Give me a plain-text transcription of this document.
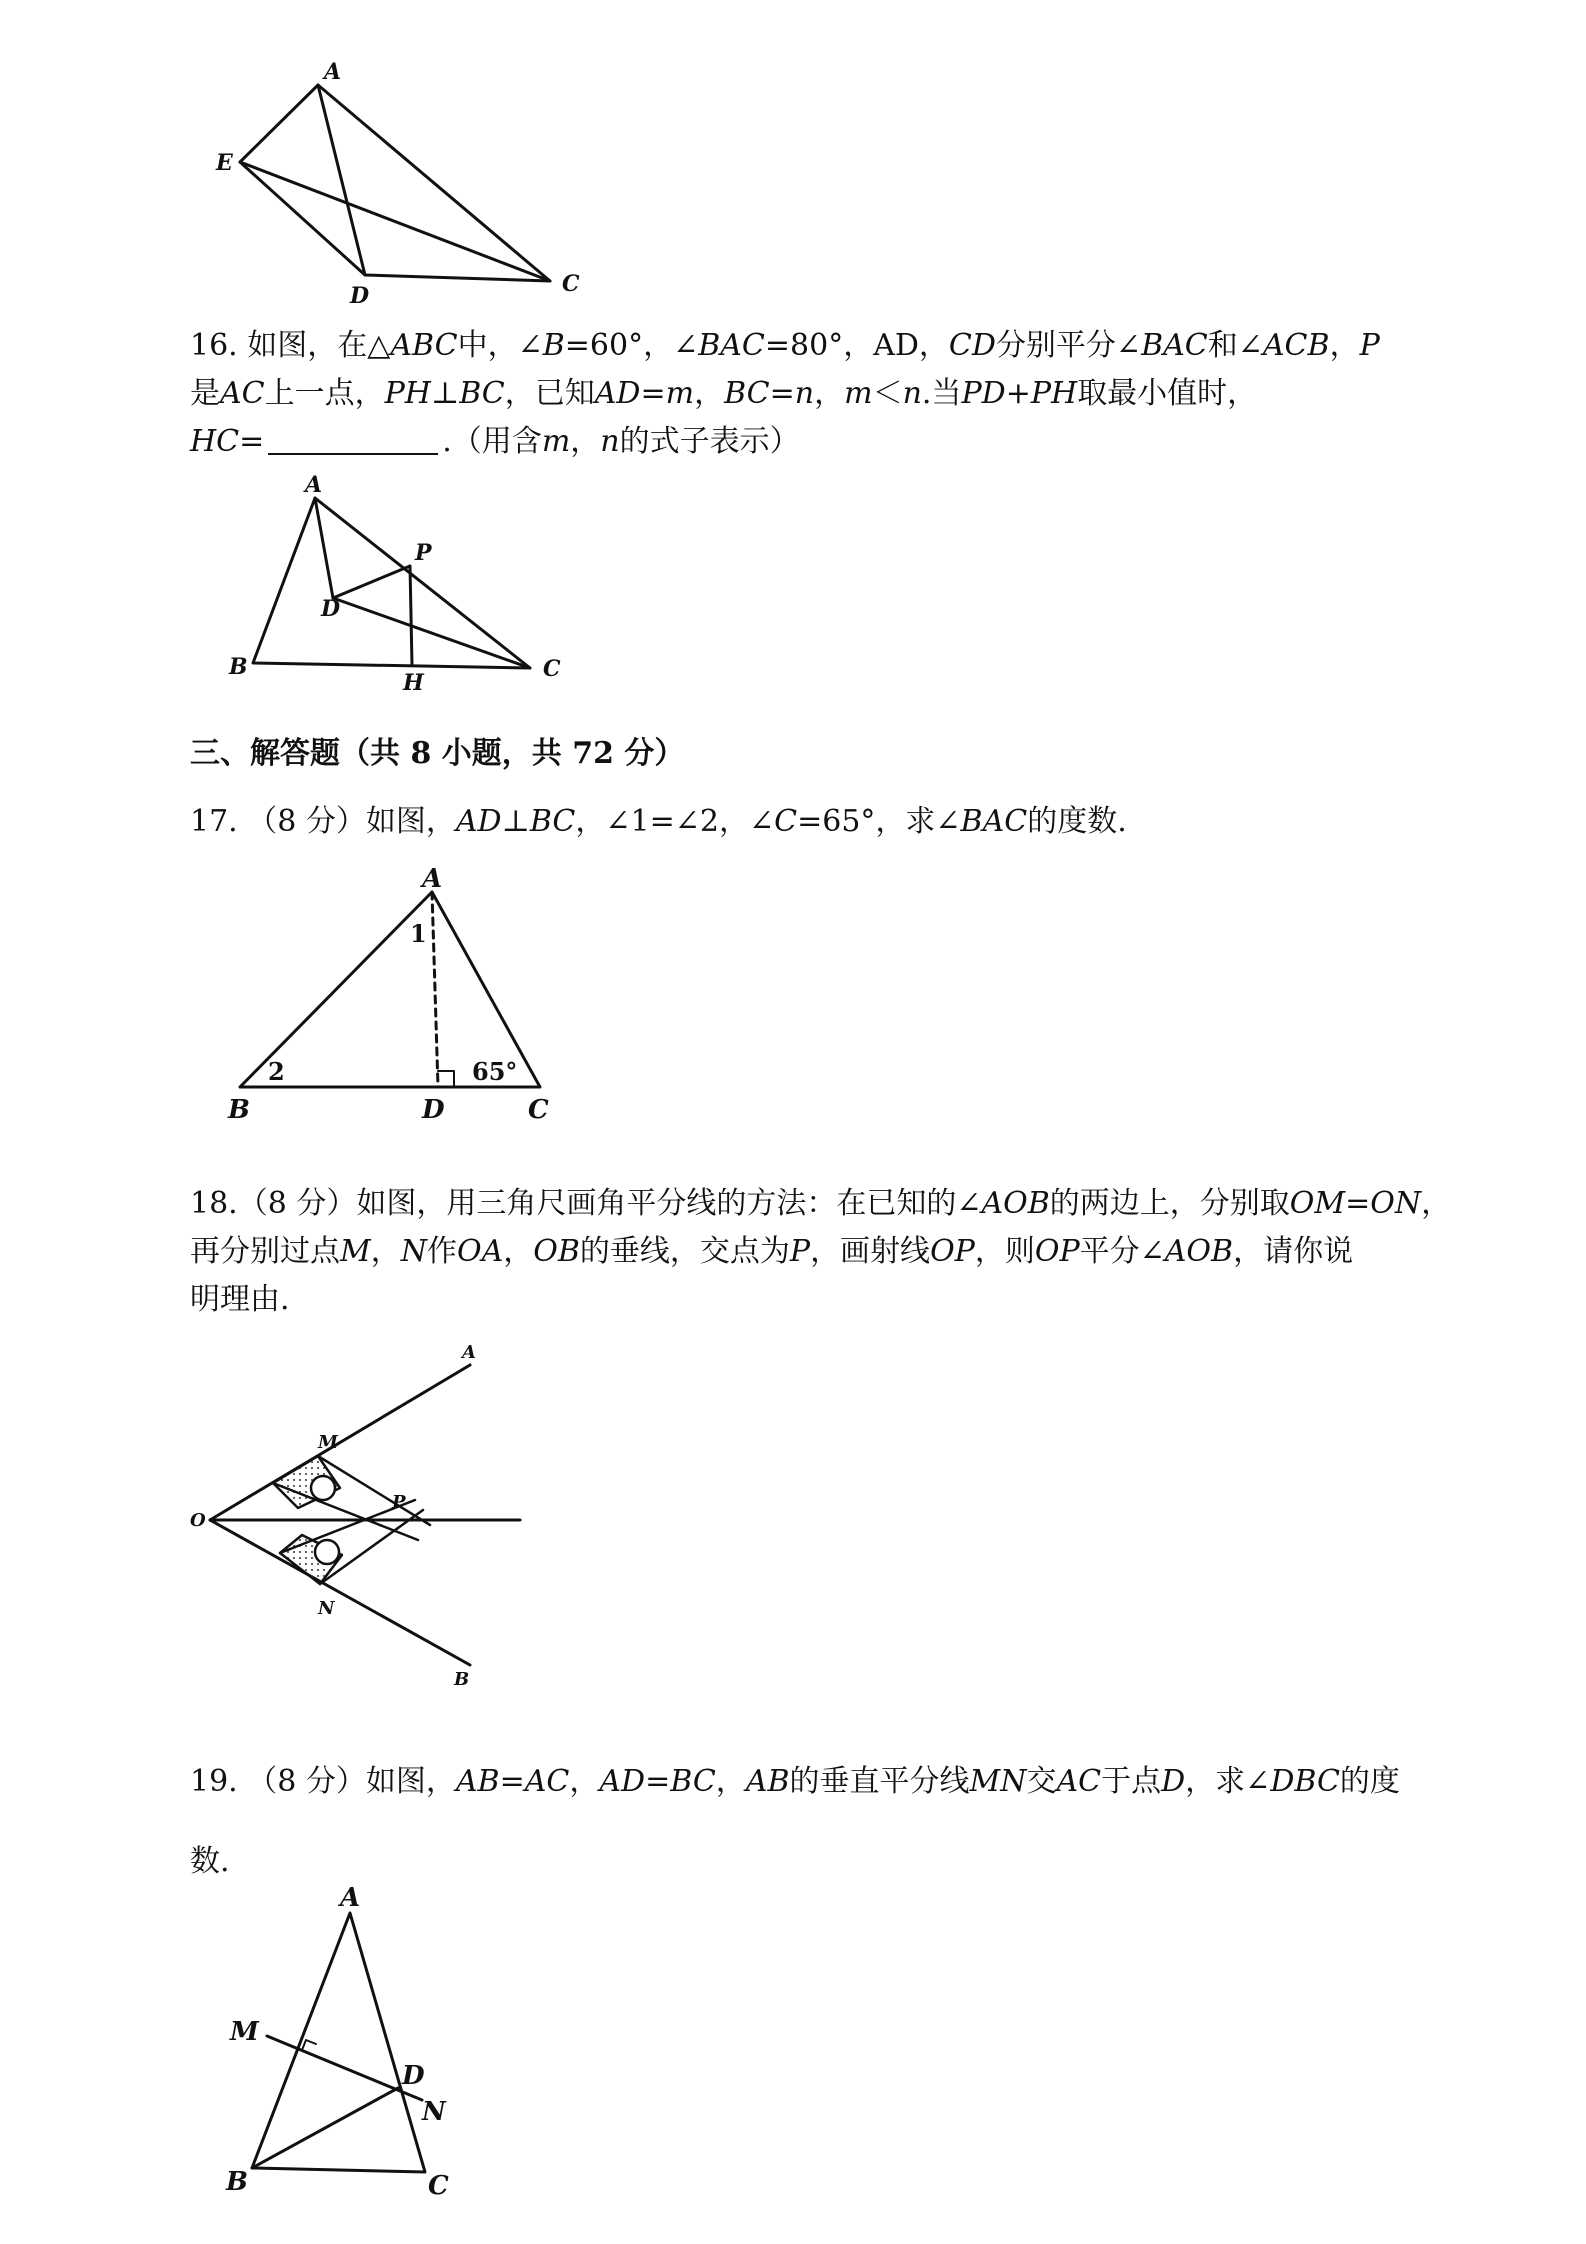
A
E
D	C
16. 如图，在△ABC中，∠B=60°，∠BAC=80°，AD，CD分别平分∠BAC和∠ACB，P
是AC上一点，PH⊥BC，已知AD=m，BC=n，m＜n.当PD+PH取最小值时，
HC=	.（用含m，n的式子表示）
A
P
D
B
H
C
三、解答题（共 8 小题，共 72 分）
17. （8 分）如图，AD⊥BC，∠1=∠2，∠C=65°，求∠BAC的度数.
A
1
2	65°
B	D	C
18.（8 分）如图，用三角尺画角平分线的方法：在已知的∠AOB的两边上，分别取OM=ON，
再分别过点M，N作OA，OB的垂线，交点为P，画射线OP，则OP平分∠AOB，请你说
明理由.
A
M
O
P
N
B
19. （8 分）如图，AB=AC，AD=BC，AB的垂直平分线MN交AC于点D，求∠DBC的度
数.
A
M
D
N
B	C
